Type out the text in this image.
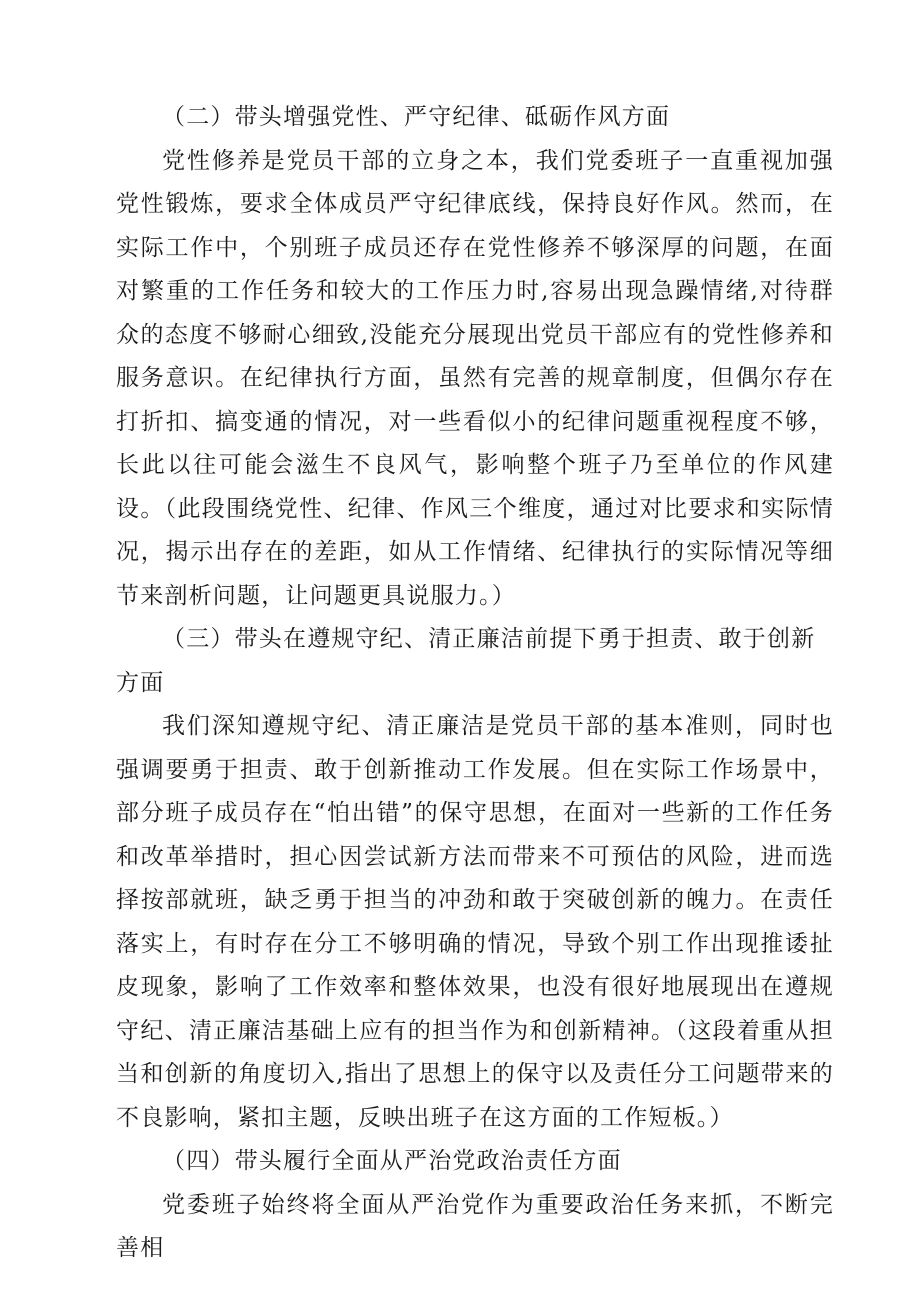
（二）带头增强党性、严守纪律、砥砺作风方面

党性修养是党员干部的立身之本，我们党委班子一直重视加强党性锻炼，要求全体成员严守纪律底线，保持良好作风。然而，在实际工作中，个别班子成员还存在党性修养不够深厚的问题，在面对繁重的工作任务和较大的工作压力时,容易出现急躁情绪,对待群众的态度不够耐心细致,没能充分展现出党员干部应有的党性修养和服务意识。在纪律执行方面，虽然有完善的规章制度，但偶尔存在打折扣、搞变通的情况，对一些看似小的纪律问题重视程度不够，长此以往可能会滋生不良风气，影响整个班子乃至单位的作风建设。（此段围绕党性、纪律、作风三个维度，通过对比要求和实际情况，揭示出存在的差距，如从工作情绪、纪律执行的实际情况等细节来剖析问题，让问题更具说服力。）

（三）带头在遵规守纪、清正廉洁前提下勇于担责、敢于创新方面

我们深知遵规守纪、清正廉洁是党员干部的基本准则，同时也强调要勇于担责、敢于创新推动工作发展。但在实际工作场景中，部分班子成员存在“怕出错”的保守思想，在面对一些新的工作任务和改革举措时，担心因尝试新方法而带来不可预估的风险，进而选择按部就班，缺乏勇于担当的冲劲和敢于突破创新的魄力。在责任落实上，有时存在分工不够明确的情况，导致个别工作出现推诿扯皮现象，影响了工作效率和整体效果，也没有很好地展现出在遵规守纪、清正廉洁基础上应有的担当作为和创新精神。（这段着重从担当和创新的角度切入,指出了思想上的保守以及责任分工问题带来的不良影响，紧扣主题，反映出班子在这方面的工作短板。）

（四）带头履行全面从严治党政治责任方面

党委班子始终将全面从严治党作为重要政治任务来抓，不断完善相
